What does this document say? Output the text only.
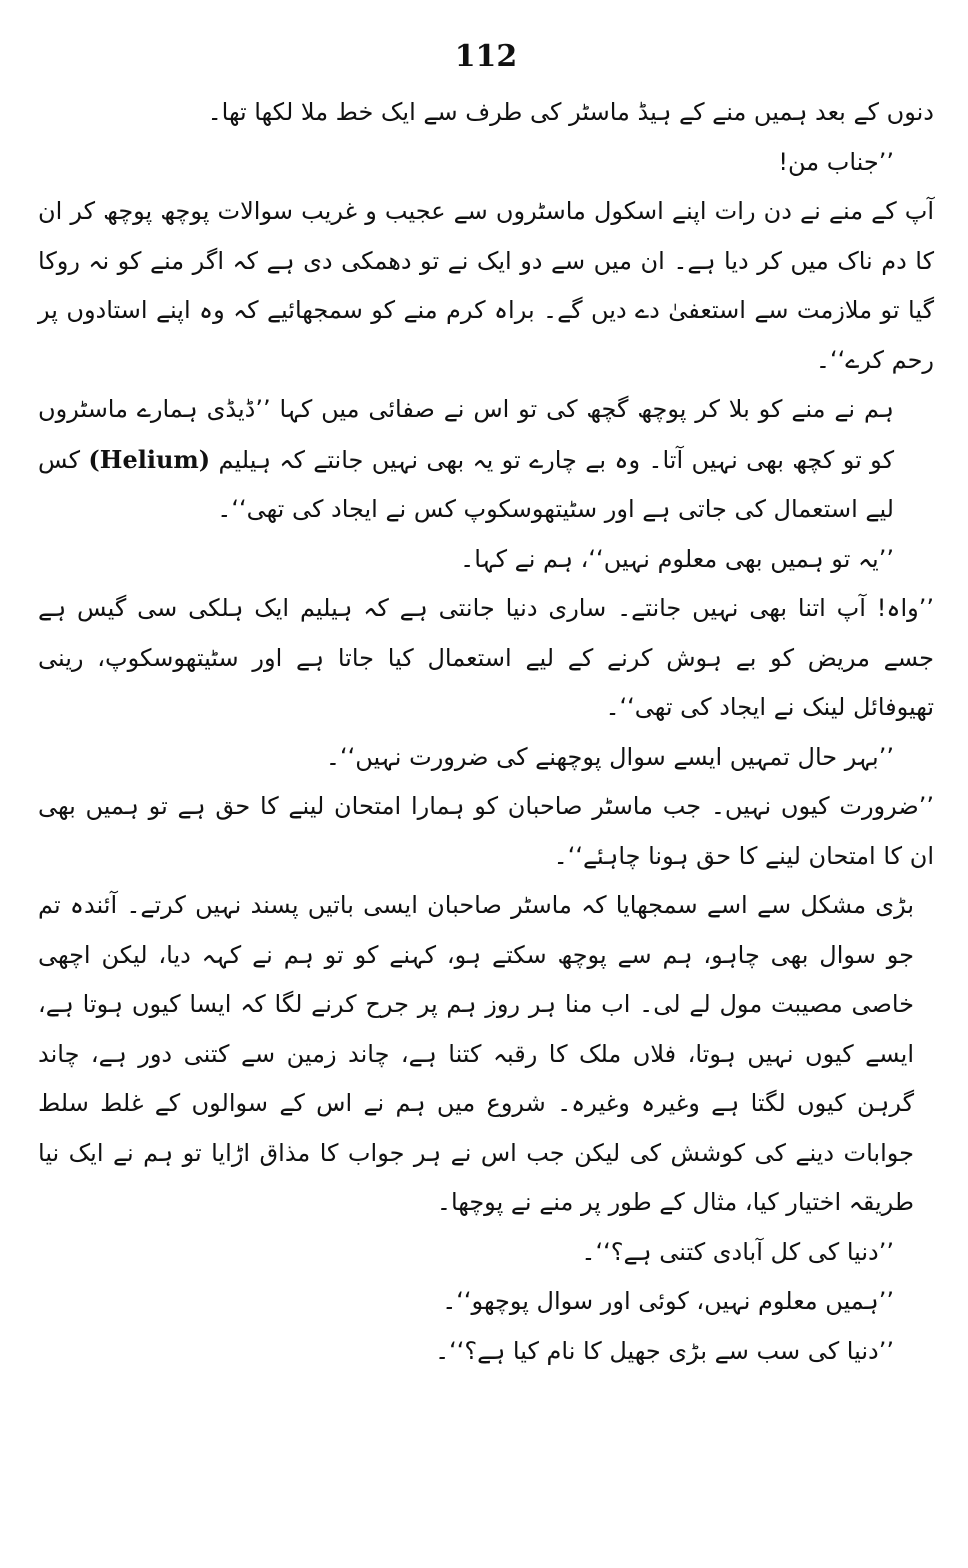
112

دنوں کے بعد ہمیں منے کے ہیڈ ماسٹر کی طرف سے ایک خط ملا لکھا تھا۔

’’جناب من!

آپ کے منے نے دن رات اپنے اسکول ماسٹروں سے عجیب و غریب سوالات پوچھ پوچھ کر ان کا دم ناک میں کر دیا ہے۔ ان میں سے دو ایک نے تو دھمکی دی ہے کہ اگر منے کو نہ روکا گیا تو ملازمت سے استعفیٰ دے دیں گے۔ براہ کرم منے کو سمجھائیے کہ وہ اپنے استادوں پر رحم کرے‘‘۔

ہم نے منے کو بلا کر پوچھ گچھ کی تو اس نے صفائی میں کہا ’’ڈیڈی ہمارے ماسٹروں کو تو کچھ بھی نہیں آتا۔ وہ بے چارے تو یہ بھی نہیں جانتے کہ ہیلیم (Helium) کس لیے استعمال کی جاتی ہے اور سٹیتھوسکوپ کس نے ایجاد کی تھی‘‘۔

’’یہ تو ہمیں بھی معلوم نہیں‘‘، ہم نے کہا۔

’’واہ! آپ اتنا بھی نہیں جانتے۔ ساری دنیا جانتی ہے کہ ہیلیم ایک ہلکی سی گیس ہے جسے مریض کو بے ہوش کرنے کے لیے استعمال کیا جاتا ہے اور سٹیتھوسکوپ، رینی تھیوفائل لینک نے ایجاد کی تھی‘‘۔

’’بہر حال تمہیں ایسے سوال پوچھنے کی ضرورت نہیں‘‘۔

’’ضرورت کیوں نہیں۔ جب ماسٹر صاحبان کو ہمارا امتحان لینے کا حق ہے تو ہمیں بھی ان کا امتحان لینے کا حق ہونا چاہئے‘‘۔

بڑی مشکل سے اسے سمجھایا کہ ماسٹر صاحبان ایسی باتیں پسند نہیں کرتے۔ آئندہ تم جو سوال بھی چاہو، ہم سے پوچھ سکتے ہو، کہنے کو تو ہم نے کہہ دیا، لیکن اچھی خاصی مصیبت مول لے لی۔ اب منا ہر روز ہم پر جرح کرنے لگا کہ ایسا کیوں ہوتا ہے، ایسے کیوں نہیں ہوتا، فلاں ملک کا رقبہ کتنا ہے، چاند زمین سے کتنی دور ہے، چاند گرہن کیوں لگتا ہے وغیرہ وغیرہ۔ شروع میں ہم نے اس کے سوالوں کے غلط سلط جوابات دینے کی کوشش کی لیکن جب اس نے ہر جواب کا مذاق اڑایا تو ہم نے ایک نیا طریقہ اختیار کیا، مثال کے طور پر منے نے پوچھا۔

’’دنیا کی کل آبادی کتنی ہے؟‘‘۔

’’ہمیں معلوم نہیں، کوئی اور سوال پوچھو‘‘۔

’’دنیا کی سب سے بڑی جھیل کا نام کیا ہے؟‘‘۔
